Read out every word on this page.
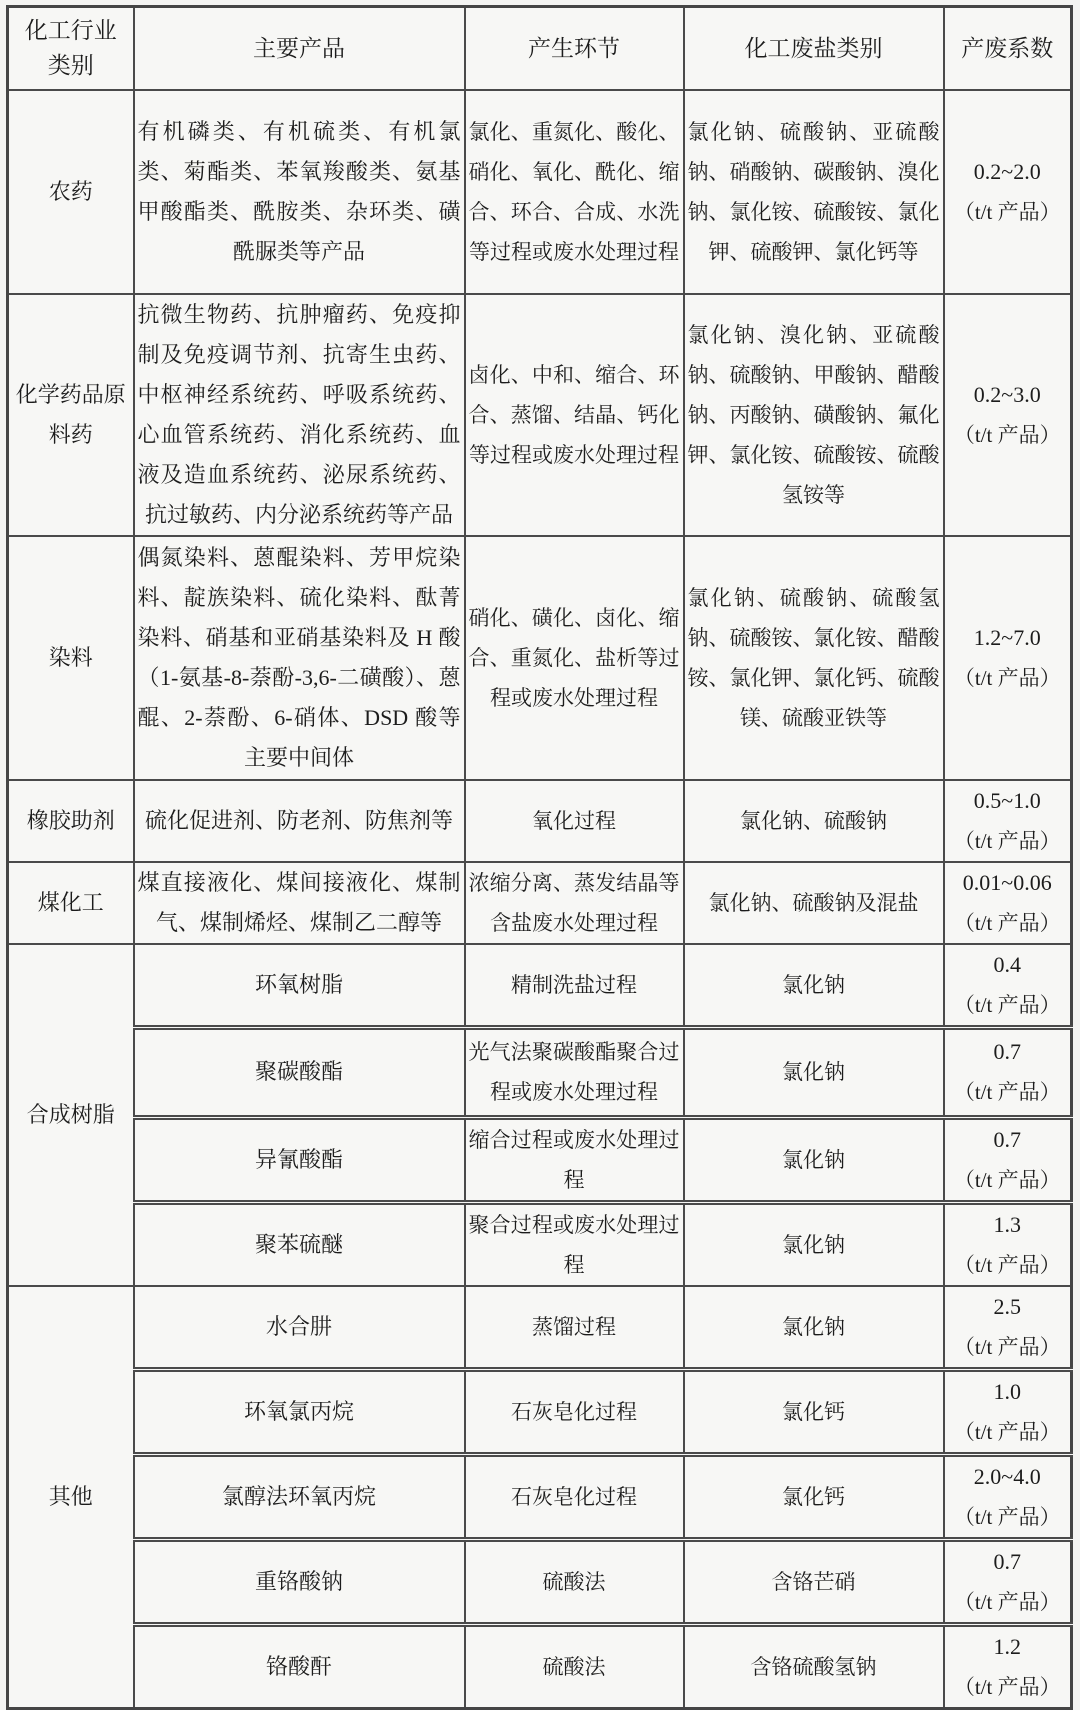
化工行业类别	主要产品	产生环节	化工废盐类别	产废系数
农药	有机磷类、有机硫类、有机氯类、菊酯类、苯氧羧酸类、氨基甲酸酯类、酰胺类、杂环类、磺酰脲类等产品	氯化、重氮化、酸化、硝化、氧化、酰化、缩合、环合、合成、水洗等过程或废水处理过程	氯化钠、硫酸钠、亚硫酸钠、硝酸钠、碳酸钠、溴化钠、氯化铵、硫酸铵、氯化钾、硫酸钾、氯化钙等	0.2~2.0
（t/t 产品）

化学药品原料药	抗微生物药、抗肿瘤药、免疫抑制及免疫调节剂、抗寄生虫药、中枢神经系统药、呼吸系统药、心血管系统药、消化系统药、血液及造血系统药、泌尿系统药、抗过敏药、内分泌系统药等产品	卤化、中和、缩合、环合、蒸馏、结晶、钙化等过程或废水处理过程	氯化钠、溴化钠、亚硫酸钠、硫酸钠、甲酸钠、醋酸钠、丙酸钠、磺酸钠、氟化钾、氯化铵、硫酸铵、硫酸氢铵等	0.2~3.0
（t/t 产品）

染料	偶氮染料、蒽醌染料、芳甲烷染料、靛族染料、硫化染料、酞菁染料、硝基和亚硝基染料及 H 酸（1-氨基-8-萘酚-3,6-二磺酸）、蒽醌、2-萘酚、6-硝体、DSD 酸等主要中间体	硝化、磺化、卤化、缩合、重氮化、盐析等过程或废水处理过程	氯化钠、硫酸钠、硫酸氢钠、硫酸铵、氯化铵、醋酸铵、氯化钾、氯化钙、硫酸镁、硫酸亚铁等	1.2~7.0
（t/t 产品）

橡胶助剂	硫化促进剂、防老剂、防焦剂等	氧化过程	氯化钠、硫酸钠	0.5~1.0
（t/t 产品）

煤化工	煤直接液化、煤间接液化、煤制气、煤制烯烃、煤制乙二醇等	浓缩分离、蒸发结晶等含盐废水处理过程	氯化钠、硫酸钠及混盐	0.01~0.06
（t/t 产品）

合成树脂	环氧树脂	精制洗盐过程	氯化钠	0.4
（t/t 产品）

	聚碳酸酯	光气法聚碳酸酯聚合过程或废水处理过程	氯化钠	0.7
（t/t 产品）

	异氰酸酯	缩合过程或废水处理过程	氯化钠	0.7
（t/t 产品）

	聚苯硫醚	聚合过程或废水处理过程	氯化钠	1.3
（t/t 产品）

其他	水合肼	蒸馏过程	氯化钠	2.5
（t/t 产品）

	环氧氯丙烷	石灰皂化过程	氯化钙	1.0
（t/t 产品）

	氯醇法环氧丙烷	石灰皂化过程	氯化钙	2.0~4.0
（t/t 产品）

	重铬酸钠	硫酸法	含铬芒硝	0.7
（t/t 产品）

	铬酸酐	硫酸法	含铬硫酸氢钠	1.2
（t/t 产品）
